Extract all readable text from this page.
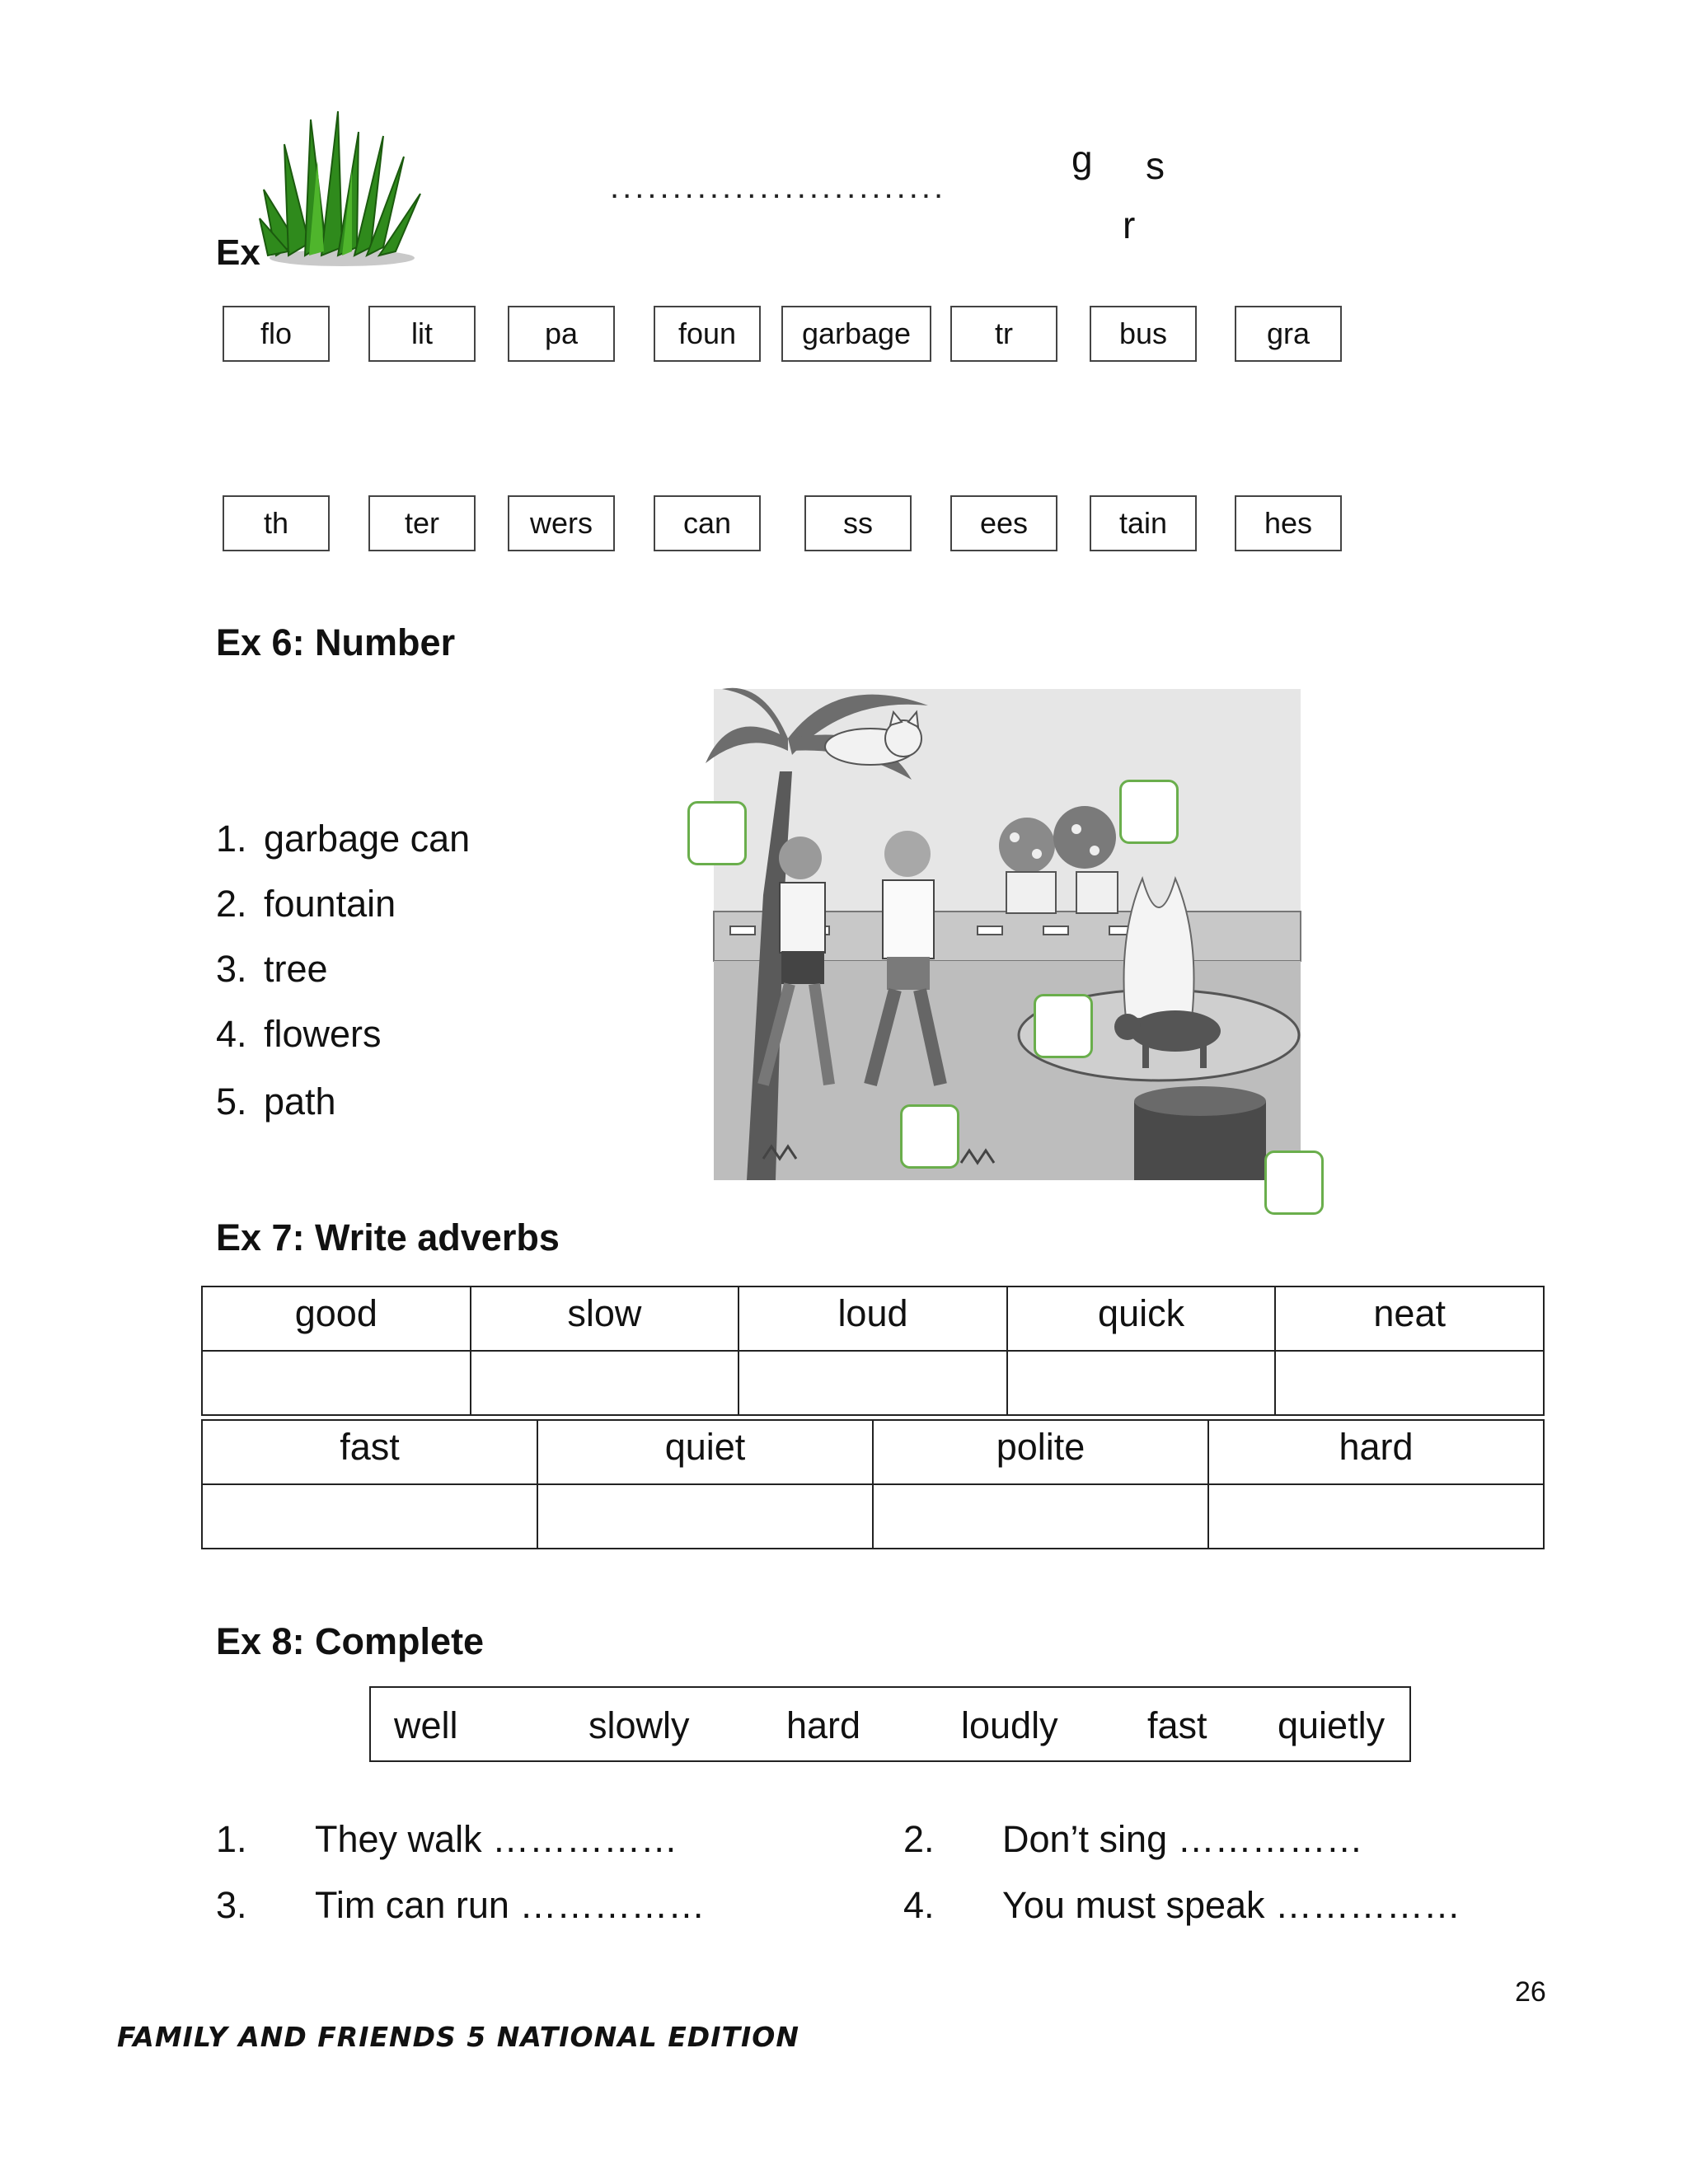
Ex
...........................
g s
r
flo	lit	pa	foun	garbage	tr	bus	gra
th	ter	wers	can	ss	ees	tain	hes
Ex 6: Number
1. garbage can
2. fountain
3. tree
4. flowers
5. path
Ex 7: Write adverbs
good	slow	loud	quick	neat

fast	quiet	polite	hard

Ex 8: Complete
well	slowly	hard	loudly fast quietly
1. They walk ……………	2. Don’t sing ……………
3. Tim can run ……………	4. You must speak ……………
26
FAMILY AND FRIENDS 5 NATIONAL EDITION
